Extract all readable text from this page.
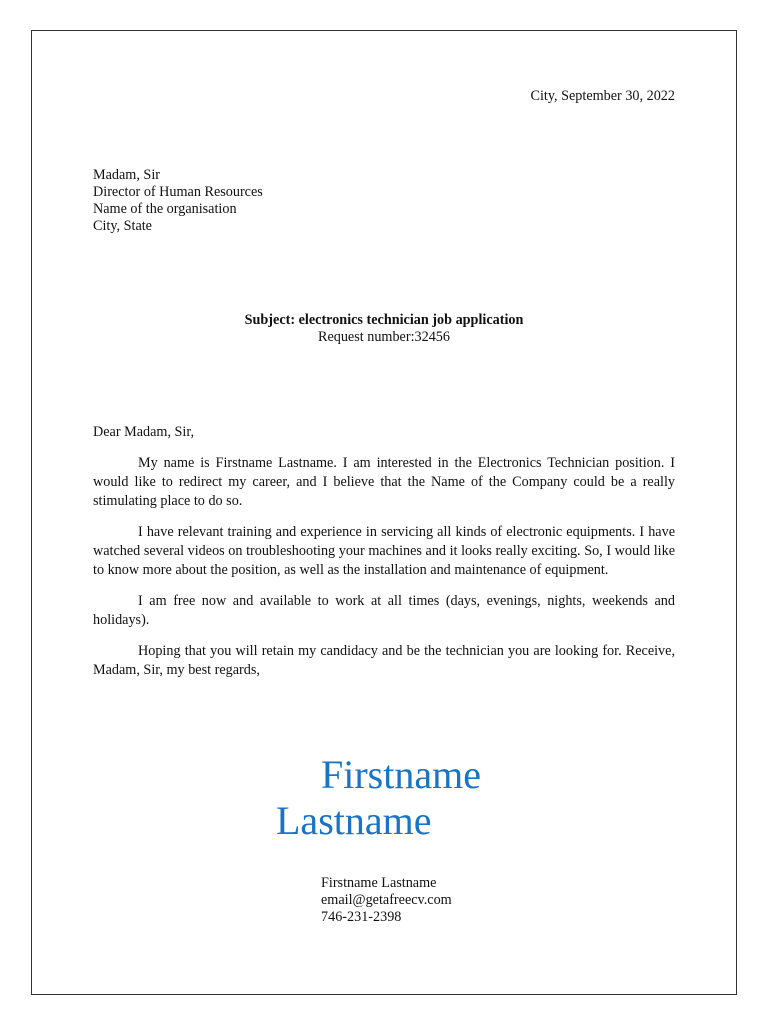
City, September 30, 2022
Madam, Sir
Director of Human Resources
Name of the organisation
City, State
Subject: electronics technician job application
Request number:32456
Dear Madam, Sir,

My name is Firstname Lastname. I am interested in the Electronics Technician position. I would like to redirect my career, and I believe that the Name of the Company could be a really stimulating place to do so.

I have relevant training and experience in servicing all kinds of electronic equipments. I have watched several videos on troubleshooting your machines and it looks really exciting. So, I would like to know more about the position, as well as the installation and maintenance of equipment.

I am free now and available to work at all times (days, evenings, nights, weekends and holidays).

Hoping that you will retain my candidacy and be the technician you are looking for. Receive, Madam, Sir, my best regards,

Firstname
Lastname
Firstname Lastname
email@getafreecv.com
746-231-2398
